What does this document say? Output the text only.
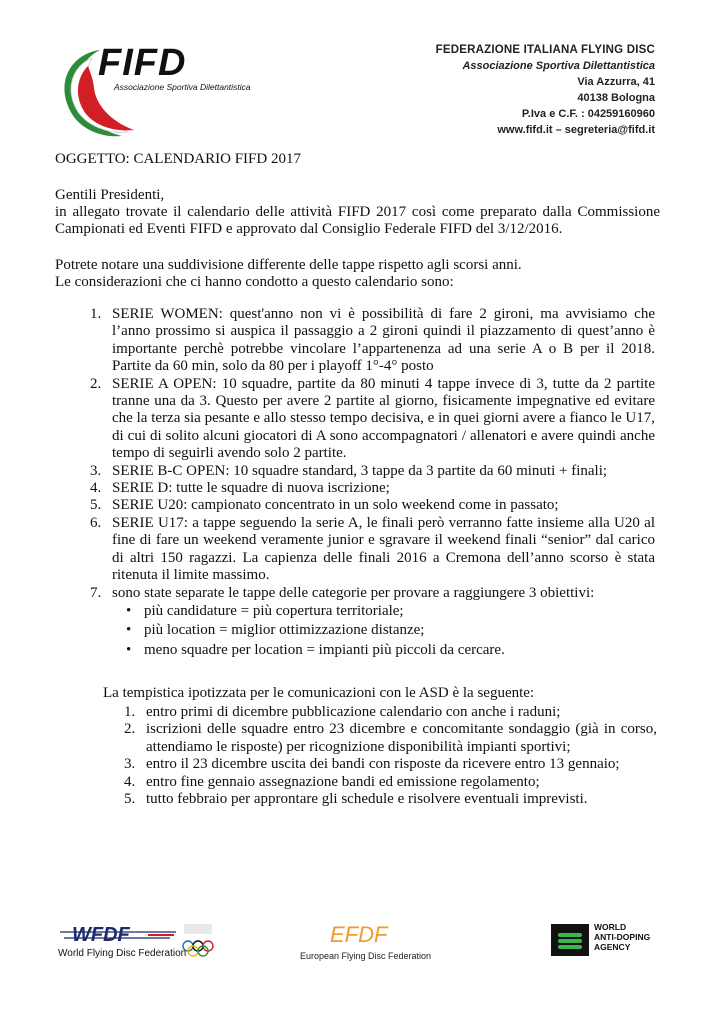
FIFD
Associazione Sportiva Dilettantistica
FEDERAZIONE ITALIANA FLYING DISC
Associazione Sportiva Dilettantistica
Via Azzurra, 41
40138 Bologna
P.Iva e C.F. : 04259160960
www.fifd.it – segreteria@fifd.it
OGGETTO: CALENDARIO FIFD 2017

Gentili Presidenti,

in allegato trovate il calendario delle attività FIFD 2017 così come preparato dalla Commissione Campionati ed Eventi FIFD e approvato dal Consiglio Federale FIFD del 3/12/2016.

Potrete notare una suddivisione differente delle tappe rispetto agli scorsi anni.

Le considerazioni che ci hanno condotto a questo calendario sono:

1. SERIE WOMEN: quest'anno non vi è possibilità di fare 2 gironi, ma avvisiamo che l’anno prossimo si auspica il passaggio a 2 gironi quindi il piazzamento di quest’anno è importante perchè potrebbe vincolare l’appartenenza ad una serie A o B per il 2018. Partite da 60 min, solo da 80 per i playoff 1°-4° posto
2. SERIE A OPEN: 10 squadre, partite da 80 minuti 4 tappe invece di 3, tutte da 2 partite tranne una da 3. Questo per avere 2 partite al giorno, fisicamente impegnative ed evitare che la terza sia pesante e allo stesso tempo decisiva, e in quei giorni avere a fianco le U17, di cui di solito alcuni giocatori di A sono accompagnatori / allenatori e avere quindi anche tempo di seguirli avendo solo 2 partite.
3. SERIE B-C OPEN: 10 squadre standard, 3 tappe da 3 partite da 60 minuti + finali;
4. SERIE D: tutte le squadre di nuova iscrizione;
5. SERIE U20: campionato concentrato in un solo weekend come in passato;
6. SERIE U17: a tappe seguendo la serie A, le finali però verranno fatte insieme alla U20 al fine di fare un weekend veramente junior e sgravare il weekend finali “senior” dal carico di altri 150 ragazzi. La capienza delle finali 2016 a Cremona dell’anno scorso è stata ritenuta il limite massimo.
7. sono state separate le tappe delle categorie per provare a raggiungere 3 obiettivi:
• più candidature = più copertura territoriale;
• più location = miglior ottimizzazione distanze;
• meno squadre per location = impianti più piccoli da cercare.
La tempistica ipotizzata per le comunicazioni con le ASD è la seguente:
1. entro primi di dicembre pubblicazione calendario con anche i raduni;
2. iscrizioni delle squadre entro 23 dicembre e concomitante sondaggio (già in corso, attendiamo le risposte) per ricognizione disponibilità impianti sportivi;
3. entro il 23 dicembre uscita dei bandi con risposte da ricevere entro 13 gennaio;
4. entro fine gennaio assegnazione bandi ed emissione regolamento;
5. tutto febbraio per approntare gli schedule e risolvere eventuali imprevisti.
WFDF
World Flying Disc Federation
EFDF
European Flying Disc Federation
WORLD
ANTI-DOPING
AGENCY
